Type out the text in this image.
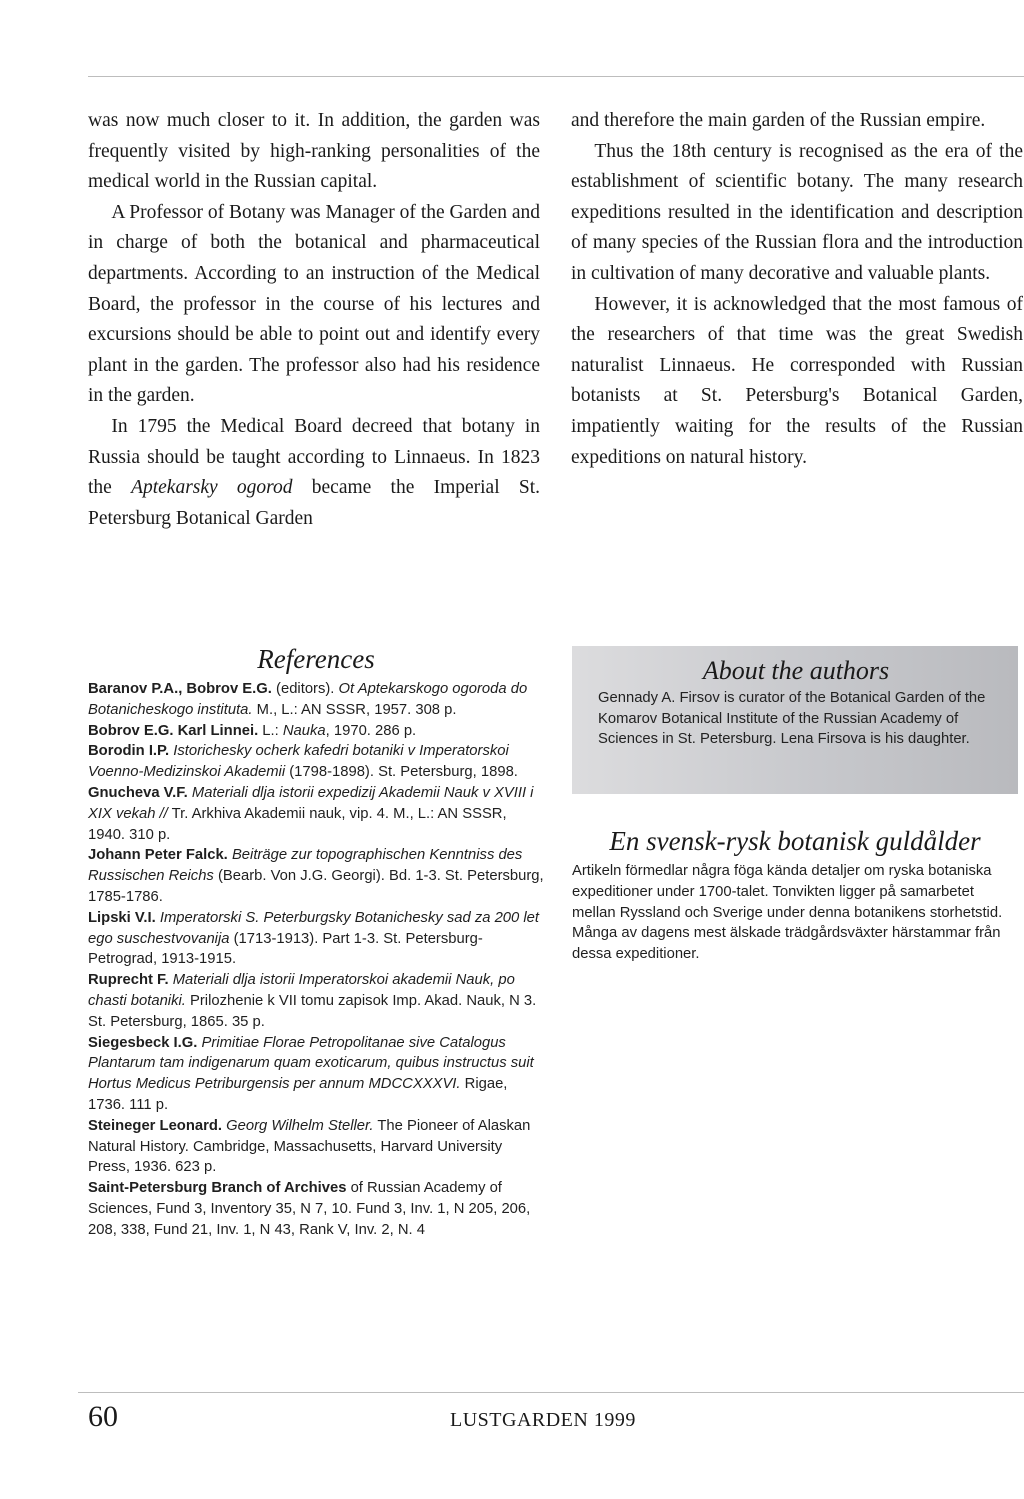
was now much closer to it. In addition, the garden was frequently visited by high-ranking personalities of the medical world in the Russian capital.

A Professor of Botany was Manager of the Garden and in charge of both the botanical and pharmaceutical departments. According to an instruction of the Medical Board, the professor in the course of his lectures and excursions should be able to point out and identify every plant in the garden. The professor also had his residence in the garden.

In 1795 the Medical Board decreed that botany in Russia should be taught according to Linnaeus. In 1823 the Aptekarsky ogorod became the Imperial St. Petersburg Botanical Garden

and therefore the main garden of the Russian empire.

Thus the 18th century is recognised as the era of the establishment of scientific botany. The many research expeditions resulted in the identification and description of many species of the Russian flora and the introduction in cultivation of many decorative and valuable plants.

However, it is acknowledged that the most famous of the researchers of that time was the great Swedish naturalist Linnaeus. He corresponded with Russian botanists at St. Petersburg's Botanical Garden, impatiently waiting for the results of the Russian expeditions on natural history.

References

Baranov P.A., Bobrov E.G. (editors). Ot Aptekarskogo ogoroda do Botanicheskogo instituta. M., L.: AN SSSR, 1957. 308 p.

Bobrov E.G. Karl Linnei. L.: Nauka, 1970. 286 p.

Borodin I.P. Istorichesky ocherk kafedri botaniki v Imperatorskoi Voenno-Medizinskoi Akademii (1798-1898). St. Petersburg, 1898.

Gnucheva V.F. Materiali dlja istorii expedizij Akademii Nauk v XVIII i XIX vekah // Tr. Arkhiva Akademii nauk, vip. 4. M., L.: AN SSSR, 1940. 310 p.

Johann Peter Falck. Beiträge zur topographischen Kenntniss des Russischen Reichs (Bearb. Von J.G. Georgi). Bd. 1-3. St. Petersburg, 1785-1786.

Lipski V.I. Imperatorski S. Peterburgsky Botanichesky sad za 200 let ego suschestvovanija (1713-1913). Part 1-3. St. Petersburg-Petrograd, 1913-1915.

Ruprecht F. Materiali dlja istorii Imperatorskoi akademii Nauk, po chasti botaniki. Prilozhenie k VII tomu zapisok Imp. Akad. Nauk, N 3. St. Petersburg, 1865. 35 p.

Siegesbeck I.G. Primitiae Florae Petropolitanae sive Catalogus Plantarum tam indigenarum quam exoticarum, quibus instructus suit Hortus Medicus Petriburgensis per annum MDCCXXXVI. Rigae, 1736. 111 p.

Steineger Leonard. Georg Wilhelm Steller. The Pioneer of Alaskan Natural History. Cambridge, Massachusetts, Harvard University Press, 1936. 623 p.

Saint-Petersburg Branch of Archives of Russian Academy of Sciences, Fund 3, Inventory 35, N 7, 10. Fund 3, Inv. 1, N 205, 206, 208, 338, Fund 21, Inv. 1, N 43, Rank V, Inv. 2, N. 4

About the authors
Gennady A. Firsov is curator of the Botanical Garden of the Komarov Botanical Institute of the Russian Academy of Sciences in St. Petersburg. Lena Firsova is his daughter.
En svensk-rysk botanisk guldålder
Artikeln förmedlar några föga kända detaljer om ryska botaniska expeditioner under 1700-talet. Tonvikten ligger på samarbetet mellan Ryssland och Sverige under denna botanikens storhetstid. Många av dagens mest älskade trädgårdsväxter härstammar från dessa expeditioner.
60	LUSTGARDEN 1999
